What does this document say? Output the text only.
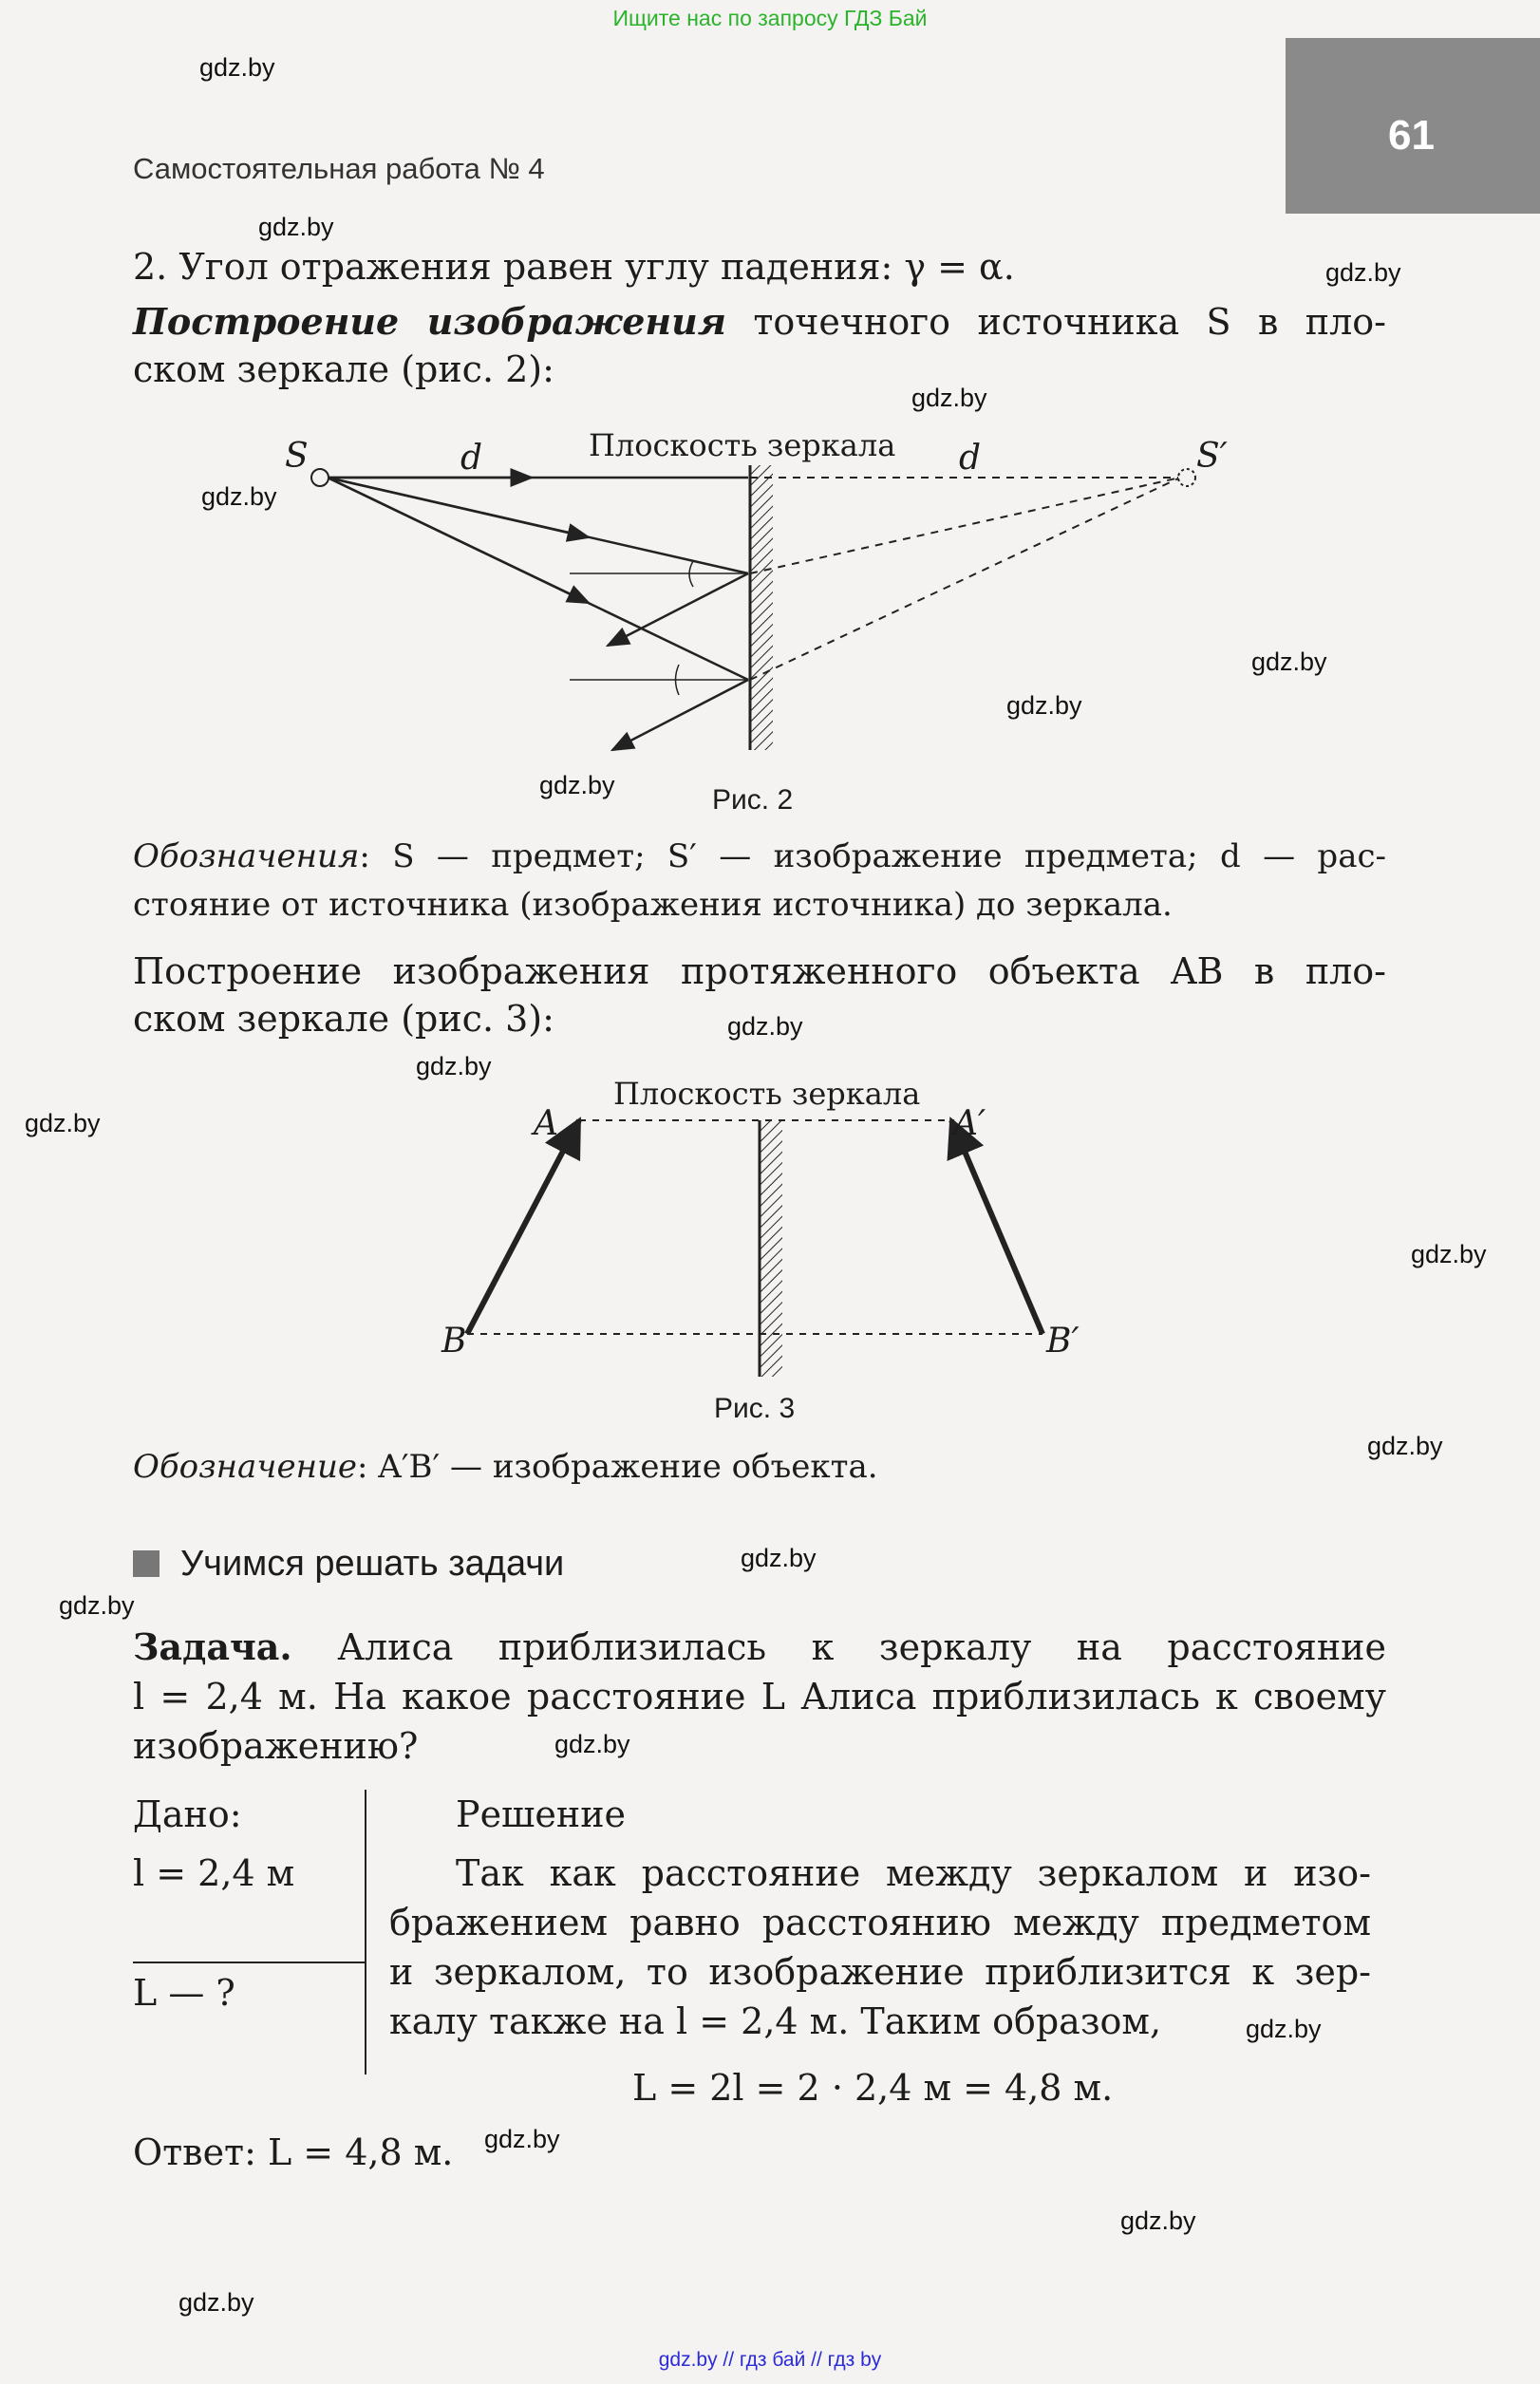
Ищите нас по запросу ГДЗ Бай
61
Самостоятельная работа № 4
2. Угол отражения равен углу падения: γ = α.
Построение изображения точечного источника S в пло-
ском зеркале (рис. 2):
S	d	Плоскость зеркала d	S′
Рис. 2
Обозначения: S — предмет; S′ — изображение предмета; d — рас-
стояние от источника (изображения источника) до зеркала.
Построение изображения протяженного объекта AB в пло-
ском зеркале (рис. 3):
Плоскость зеркала
A	A′
B	B′
Рис. 3
Обозначение: A′B′ — изображение объекта.
Учимся решать задачи
Задача. Алиса приблизилась к зеркалу на расстояние
l = 2,4 м. На какое расстояние L Алиса приблизилась к своему
изображению?
Дано:
l = 2,4 м
L — ?
Решение
Так как расстояние между зеркалом и изо-
бражением равно расстоянию между предметом
и зеркалом, то изображение приблизится к зер-
калу также на l = 2,4 м. Таким образом,
L = 2l = 2 · 2,4 м = 4,8 м.
Ответ: L = 4,8 м.
gdz.by
gdz.by
gdz.by
gdz.by
gdz.by
gdz.by
gdz.by
gdz.by
gdz.by
gdz.by
gdz.by
gdz.by
gdz.by
gdz.by
gdz.by
gdz.by
gdz.by
gdz.by
gdz.by
gdz.by
gdz.by // гдз бай // гдз by
